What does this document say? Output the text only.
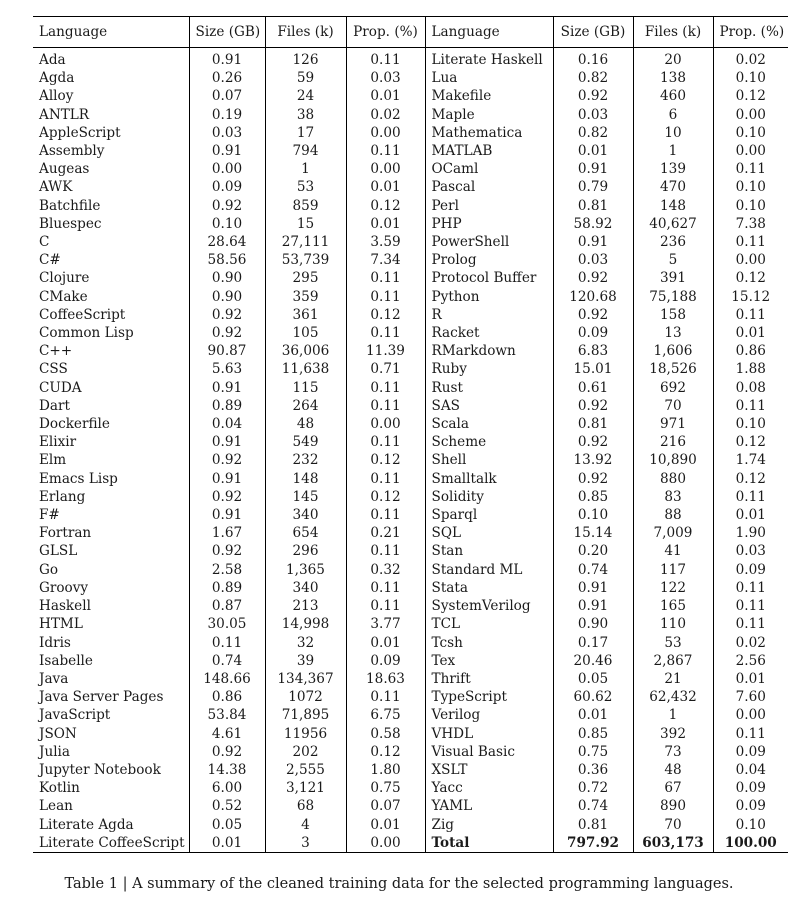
Language	Size (GB)	Files (k)	Prop. (%)	Language	Size (GB)	Files (k)	Prop. (%)
Ada	0.91	126	0.11	Literate Haskell	0.16	20	0.02
Agda	0.26	59	0.03	Lua	0.82	138	0.10
Alloy	0.07	24	0.01	Makefile	0.92	460	0.12
ANTLR	0.19	38	0.02	Maple	0.03	6	0.00
AppleScript	0.03	17	0.00	Mathematica	0.82	10	0.10
Assembly	0.91	794	0.11	MATLAB	0.01	1	0.00
Augeas	0.00	1	0.00	OCaml	0.91	139	0.11
AWK	0.09	53	0.01	Pascal	0.79	470	0.10
Batchfile	0.92	859	0.12	Perl	0.81	148	0.10
Bluespec	0.10	15	0.01	PHP	58.92	40,627	7.38
C	28.64	27,111	3.59	PowerShell	0.91	236	0.11
C#	58.56	53,739	7.34	Prolog	0.03	5	0.00
Clojure	0.90	295	0.11	Protocol Buffer	0.92	391	0.12
CMake	0.90	359	0.11	Python	120.68	75,188	15.12
CoffeeScript	0.92	361	0.12	R	0.92	158	0.11
Common Lisp	0.92	105	0.11	Racket	0.09	13	0.01
C++	90.87	36,006	11.39	RMarkdown	6.83	1,606	0.86
CSS	5.63	11,638	0.71	Ruby	15.01	18,526	1.88
CUDA	0.91	115	0.11	Rust	0.61	692	0.08
Dart	0.89	264	0.11	SAS	0.92	70	0.11
Dockerfile	0.04	48	0.00	Scala	0.81	971	0.10
Elixir	0.91	549	0.11	Scheme	0.92	216	0.12
Elm	0.92	232	0.12	Shell	13.92	10,890	1.74
Emacs Lisp	0.91	148	0.11	Smalltalk	0.92	880	0.12
Erlang	0.92	145	0.12	Solidity	0.85	83	0.11
F#	0.91	340	0.11	Sparql	0.10	88	0.01
Fortran	1.67	654	0.21	SQL	15.14	7,009	1.90
GLSL	0.92	296	0.11	Stan	0.20	41	0.03
Go	2.58	1,365	0.32	Standard ML	0.74	117	0.09
Groovy	0.89	340	0.11	Stata	0.91	122	0.11
Haskell	0.87	213	0.11	SystemVerilog	0.91	165	0.11
HTML	30.05	14,998	3.77	TCL	0.90	110	0.11
Idris	0.11	32	0.01	Tcsh	0.17	53	0.02
Isabelle	0.74	39	0.09	Tex	20.46	2,867	2.56
Java	148.66	134,367	18.63	Thrift	0.05	21	0.01
Java Server Pages	0.86	1072	0.11	TypeScript	60.62	62,432	7.60
JavaScript	53.84	71,895	6.75	Verilog	0.01	1	0.00
JSON	4.61	11956	0.58	VHDL	0.85	392	0.11
Julia	0.92	202	0.12	Visual Basic	0.75	73	0.09
Jupyter Notebook	14.38	2,555	1.80	XSLT	0.36	48	0.04
Kotlin	6.00	3,121	0.75	Yacc	0.72	67	0.09
Lean	0.52	68	0.07	YAML	0.74	890	0.09
Literate Agda	0.05	4	0.01	Zig	0.81	70	0.10
Literate CoffeeScript	0.01	3	0.00	Total	797.92	603,173	100.00
Table 1 | A summary of the cleaned training data for the selected programming languages.
